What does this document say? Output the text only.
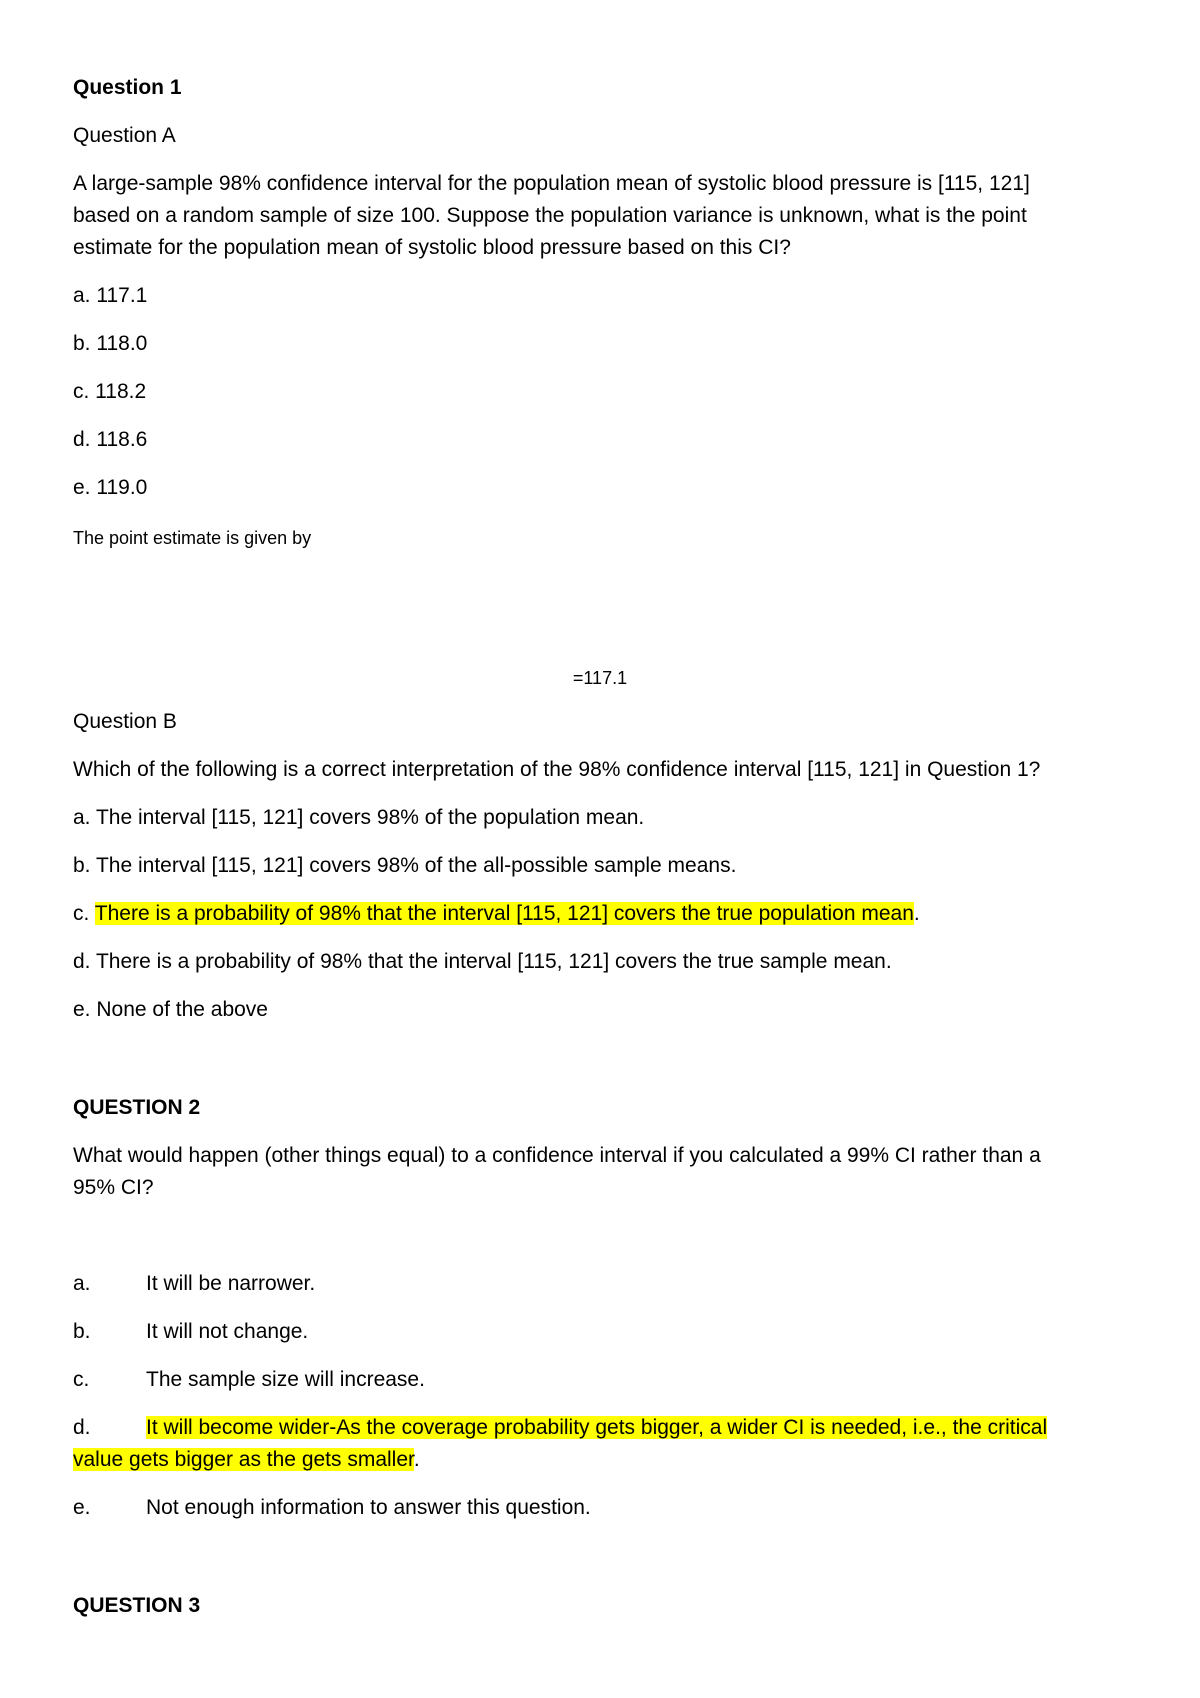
Question 1
Question A
A large-sample 98% confidence interval for the population mean of systolic blood pressure is [115, 121]
based on a random sample of size 100. Suppose the population variance is unknown, what is the point
estimate for the population mean of systolic blood pressure based on this CI?
a. 117.1
b. 118.0
c. 118.2
d. 118.6
e. 119.0
The point estimate is given by
=117.1
Question B
Which of the following is a correct interpretation of the 98% confidence interval [115, 121] in Question 1?
a. The interval [115, 121] covers 98% of the population mean.
b. The interval [115, 121] covers 98% of the all-possible sample means.
c. There is a probability of 98% that the interval [115, 121] covers the true population mean.
d. There is a probability of 98% that the interval [115, 121] covers the true sample mean.
e. None of the above
QUESTION 2
What would happen (other things equal) to a confidence interval if you calculated a 99% CI rather than a
95% CI?
a.	It will be narrower.
b.	It will not change.
c.	The sample size will increase.
d.	It will become wider-As the coverage probability gets bigger, a wider CI is needed, i.e., the critical
value gets bigger as the gets smaller.
e.	Not enough information to answer this question.
QUESTION 3
